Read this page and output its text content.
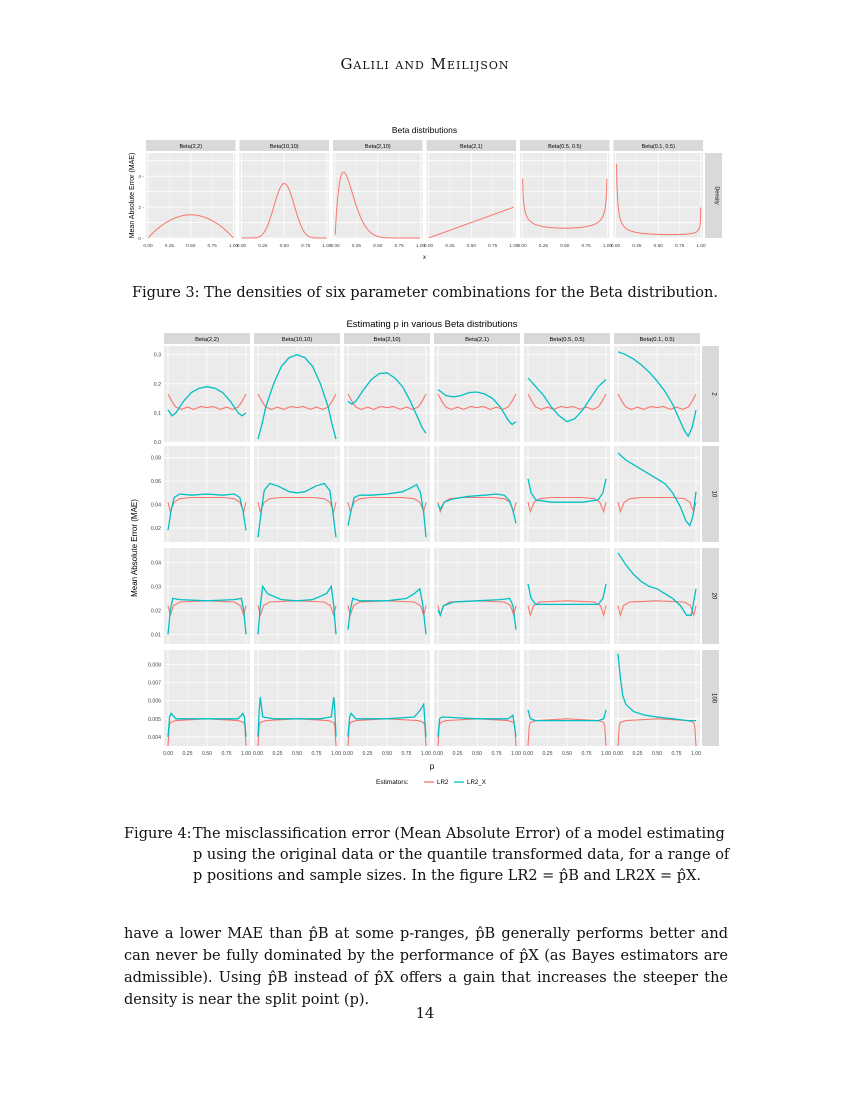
Galili and Meilijson
Beta distributions
Mean Absolute Error (MAE)
x
Beta(2,2)
0.00	0.25	0.50	0.75	1.00
Beta(10,10)
0.00	0.25	0.50	0.75	1.00
Beta(2,10)
0.00	0.25	0.50	0.75	1.00
Beta(2,1)
0.00	0.25	0.50	0.75	1.00
Beta(0.5, 0.5)
0.00	0.25	0.50	0.75	1.00
Beta(0.1, 0.5)
0.00	0.25	0.50	0.75	1.00
0 -
2 -
4 -
Density
Figure 3: The densities of six parameter combinations for the Beta distribution.
Estimating p in various Beta distributions
Mean Absolute Error (MAE)
p
Beta(2,2)	Beta(10,10)	Beta(2,10)	Beta(2,1)	Beta(0.5, 0.5)	Beta(0.1, 0.5)
0.0
0.1
0.2
0.3
2
0.02
0.04
0.06
0.08
10
0.01
0.02
0.03
0.04
20
0.00 0.25 0.50 0.75 1.00 0.00 0.25 0.50 0.75 1.00 0.00 0.25 0.50 0.75 1.00 0.00 0.25 0.50 0.75 1.00 0.00 0.25 0.50 0.75 1.00 0.00 0.25 0.50 0.75 1.00
0.004
0.005
0.006
0.007
0.008
100
Estimators:	LR2	LR2_X
Figure 4: The misclassification error (Mean Absolute Error) of a model estimating p using the original data or the quantile transformed data, for a range of p positions and sample sizes. In the figure LR2 = p̂B and LR2X = p̂X.
have a lower MAE than p̂B at some p-ranges, p̂B generally performs better and can never be fully dominated by the performance of p̂X (as Bayes estimators are admissible). Using p̂B instead of p̂X offers a gain that increases the steeper the density is near the split point (p).
14
